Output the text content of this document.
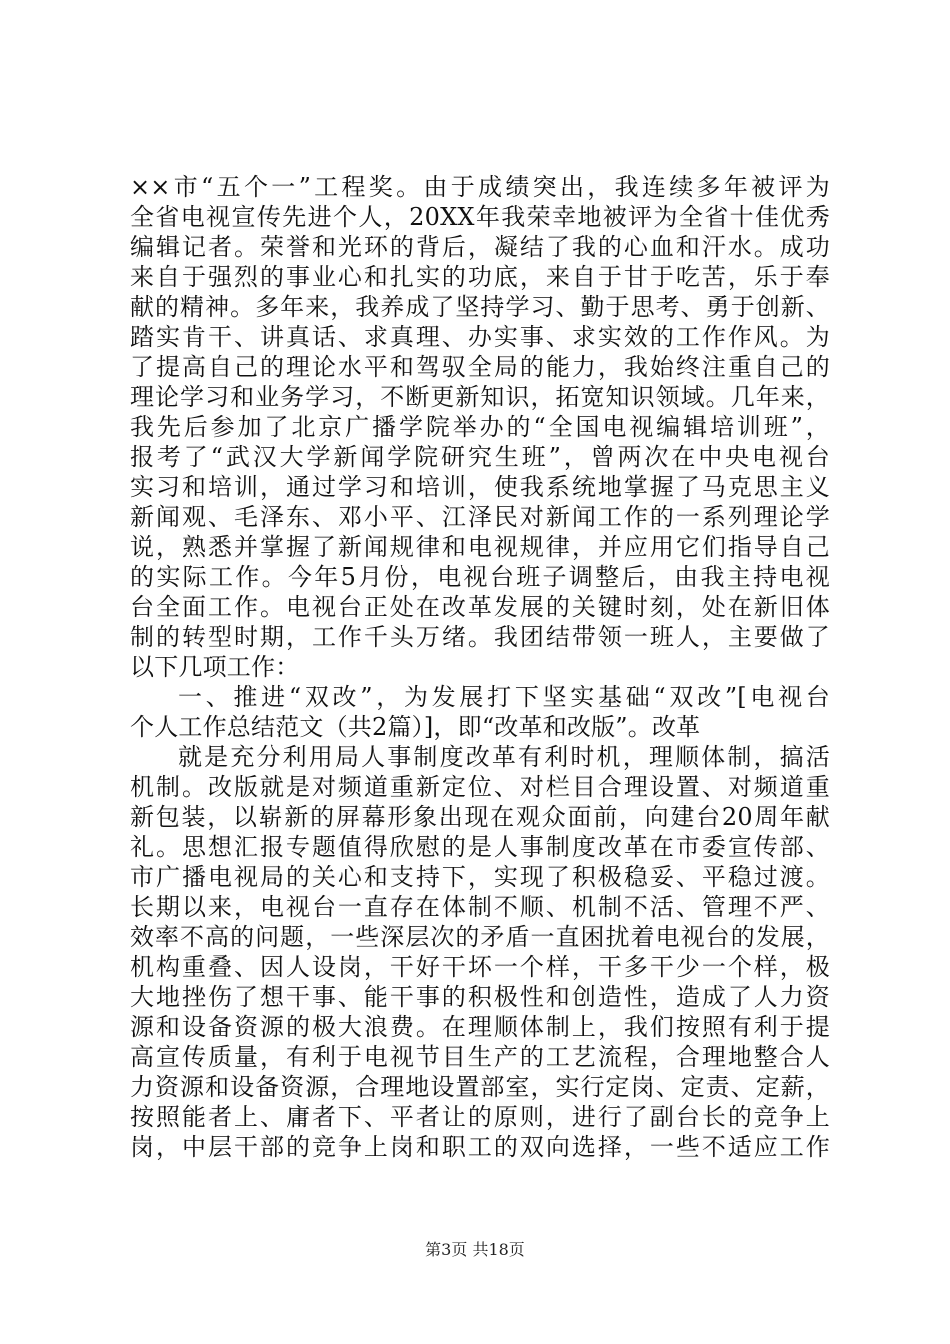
××市“五个一”工程奖。由于成绩突出，我连续多年被评为
全省电视宣传先进个人，20XX年我荣幸地被评为全省十佳优秀
编辑记者。荣誉和光环的背后，凝结了我的心血和汗水。成功
来自于强烈的事业心和扎实的功底，来自于甘于吃苦，乐于奉
献的精神。多年来，我养成了坚持学习、勤于思考、勇于创新、
踏实肯干、讲真话、求真理、办实事、求实效的工作作风。为
了提高自己的理论水平和驾驭全局的能力，我始终注重自己的
理论学习和业务学习，不断更新知识，拓宽知识领域。几年来，
我先后参加了北京广播学院举办的“全国电视编辑培训班”，
报考了“武汉大学新闻学院研究生班”，曾两次在中央电视台
实习和培训，通过学习和培训，使我系统地掌握了马克思主义
新闻观、毛泽东、邓小平、江泽民对新闻工作的一系列理论学
说，熟悉并掌握了新闻规律和电视规律，并应用它们指导自己
的实际工作。今年5月份，电视台班子调整后，由我主持电视
台全面工作。电视台正处在改革发展的关键时刻，处在新旧体
制的转型时期，工作千头万绪。我团结带领一班人，主要做了
以下几项工作：
一、推进“双改”，为发展打下坚实基础“双改”[电视台
个人工作总结范文（共2篇）]，即“改革和改版”。改革
就是充分利用局人事制度改革有利时机，理顺体制，搞活
机制。改版就是对频道重新定位、对栏目合理设置、对频道重
新包装，以崭新的屏幕形象出现在观众面前，向建台20周年献
礼。思想汇报专题值得欣慰的是人事制度改革在市委宣传部、
市广播电视局的关心和支持下，实现了积极稳妥、平稳过渡。
长期以来，电视台一直存在体制不顺、机制不活、管理不严、
效率不高的问题，一些深层次的矛盾一直困扰着电视台的发展，
机构重叠、因人设岗，干好干坏一个样，干多干少一个样，极
大地挫伤了想干事、能干事的积极性和创造性，造成了人力资
源和设备资源的极大浪费。在理顺体制上，我们按照有利于提
高宣传质量，有利于电视节目生产的工艺流程，合理地整合人
力资源和设备资源，合理地设置部室，实行定岗、定责、定薪，
按照能者上、庸者下、平者让的原则，进行了副台长的竞争上
岗，中层干部的竞争上岗和职工的双向选择，一些不适应工作
第3页 共18页
